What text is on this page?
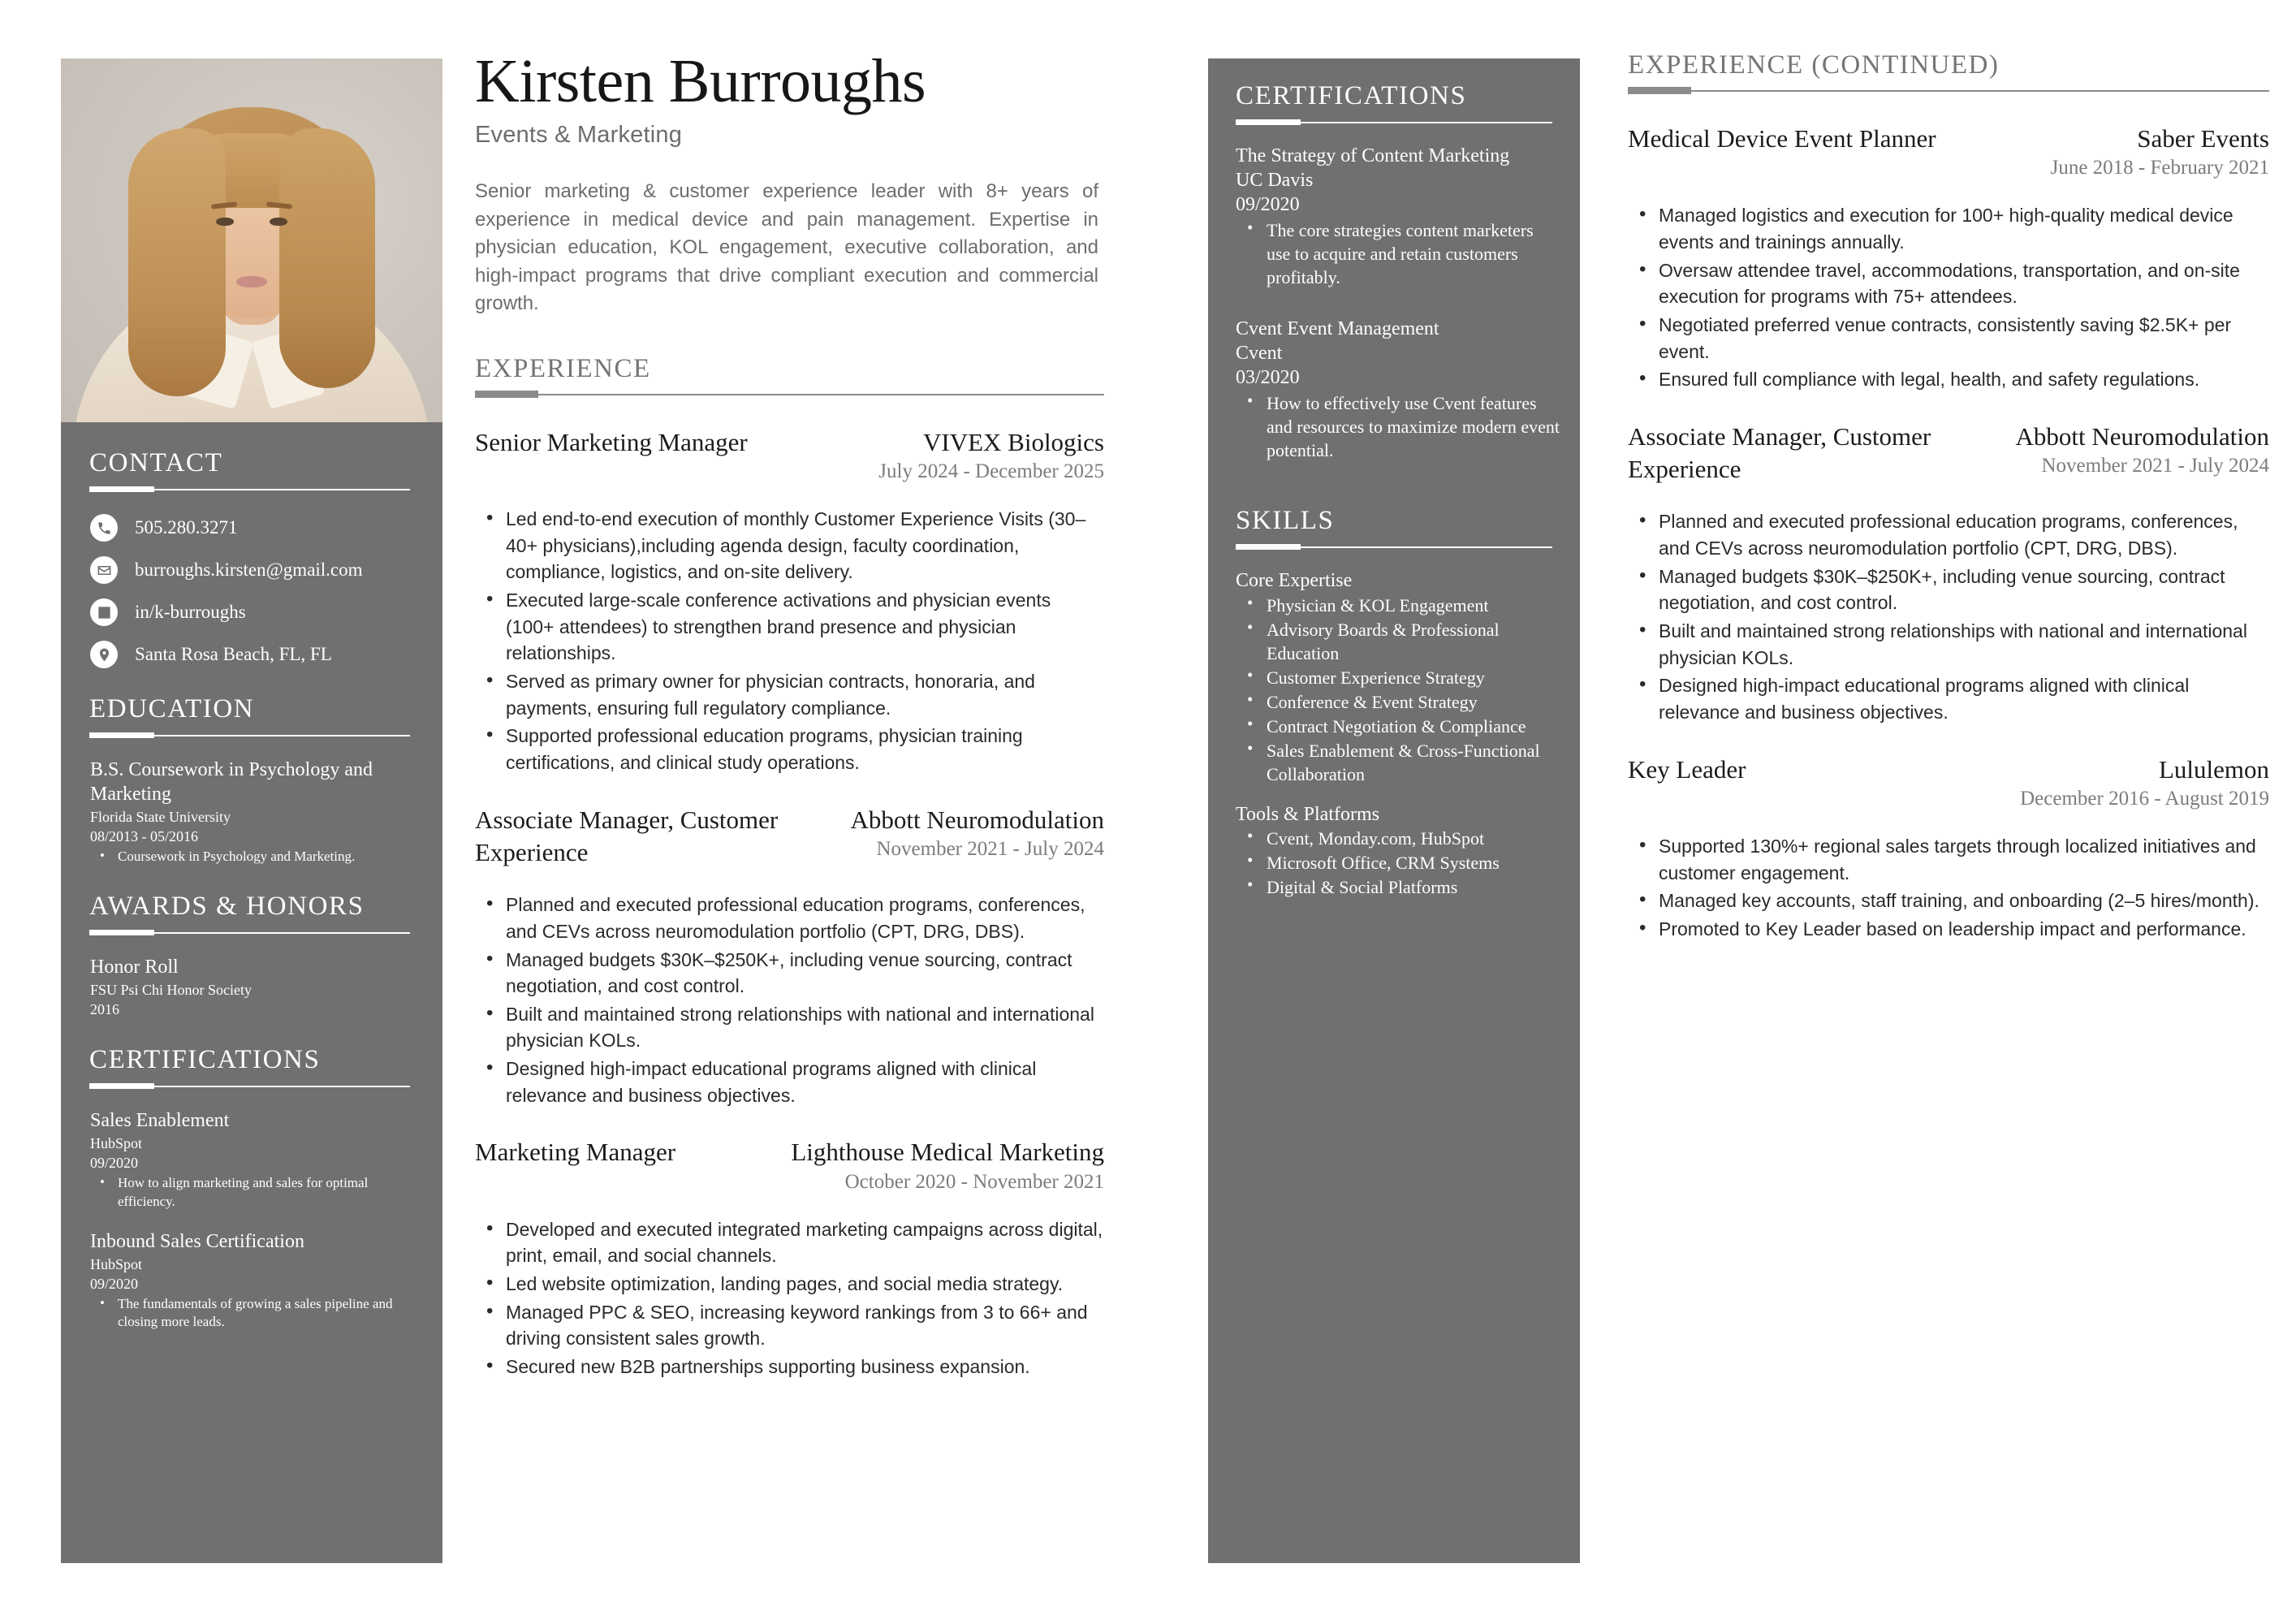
CONTACT
505.280.3271
burroughs.kirsten@gmail.com
in/k-burroughs
Santa Rosa Beach, FL, FL
EDUCATION
B.S. Coursework in Psychology and Marketing
Florida State University
08/2013 - 05/2016
• Coursework in Psychology and Marketing.
AWARDS & HONORS
Honor Roll
FSU Psi Chi Honor Society
2016
CERTIFICATIONS
Sales Enablement
HubSpot
09/2020
• How to align marketing and sales for optimal efficiency.
Inbound Sales Certification
HubSpot
09/2020
• The fundamentals of growing a sales pipeline and closing more leads.
Kirsten Burroughs
Events & Marketing
Senior marketing & customer experience leader with 8+ years of experience in medical device and pain management. Expertise in physician education, KOL engagement, executive collaboration, and high-impact programs that drive compliant execution and commercial growth.
EXPERIENCE
Senior Marketing Manager	VIVEX Biologics
July 2024 - December 2025
• Led end-to-end execution of monthly Customer Experience Visits (30–40+ physicians),including agenda design, faculty coordination, compliance, logistics, and on-site delivery.
• Executed large-scale conference activations and physician events (100+ attendees) to strengthen brand presence and physician relationships.
• Served as primary owner for physician contracts, honoraria, and payments, ensuring full regulatory compliance.
• Supported professional education programs, physician training certifications, and clinical study operations.
Associate Manager, Customer Experience
Abbott Neuromodulation
November 2021 - July 2024
• Planned and executed professional education programs, conferences, and CEVs across neuromodulation portfolio (CPT, DRG, DBS).
• Managed budgets $30K–$250K+, including venue sourcing, contract negotiation, and cost control.
• Built and maintained strong relationships with national and international physician KOLs.
• Designed high-impact educational programs aligned with clinical relevance and business objectives.
Marketing Manager	Lighthouse Medical Marketing
October 2020 - November 2021
• Developed and executed integrated marketing campaigns across digital, print, email, and social channels.
• Led website optimization, landing pages, and social media strategy.
• Managed PPC & SEO, increasing keyword rankings from 3 to 66+ and driving consistent sales growth.
• Secured new B2B partnerships supporting business expansion.
CERTIFICATIONS
The Strategy of Content Marketing
UC Davis
09/2020
• The core strategies content marketers use to acquire and retain customers profitably.
Cvent Event Management
Cvent
03/2020
• How to effectively use Cvent features and resources to maximize modern event potential.
SKILLS
Core Expertise
• Physician & KOL Engagement
• Advisory Boards & Professional Education
• Customer Experience Strategy
• Conference & Event Strategy
• Contract Negotiation & Compliance
• Sales Enablement & Cross-Functional Collaboration
Tools & Platforms
• Cvent, Monday.com, HubSpot
• Microsoft Office, CRM Systems
• Digital & Social Platforms
EXPERIENCE (CONTINUED)
Medical Device Event Planner	Saber Events
June 2018 - February 2021
• Managed logistics and execution for 100+ high-quality medical device events and trainings annually.
• Oversaw attendee travel, accommodations, transportation, and on-site execution for programs with 75+ attendees.
• Negotiated preferred venue contracts, consistently saving $2.5K+ per event.
• Ensured full compliance with legal, health, and safety regulations.
Associate Manager, Customer Experience
Abbott Neuromodulation
November 2021 - July 2024
• Planned and executed professional education programs, conferences, and CEVs across neuromodulation portfolio (CPT, DRG, DBS).
• Managed budgets $30K–$250K+, including venue sourcing, contract negotiation, and cost control.
• Built and maintained strong relationships with national and international physician KOLs.
• Designed high-impact educational programs aligned with clinical relevance and business objectives.
Key Leader	Lululemon
December 2016 - August 2019
• Supported 130%+ regional sales targets through localized initiatives and customer engagement.
• Managed key accounts, staff training, and onboarding (2–5 hires/month).
• Promoted to Key Leader based on leadership impact and performance.
